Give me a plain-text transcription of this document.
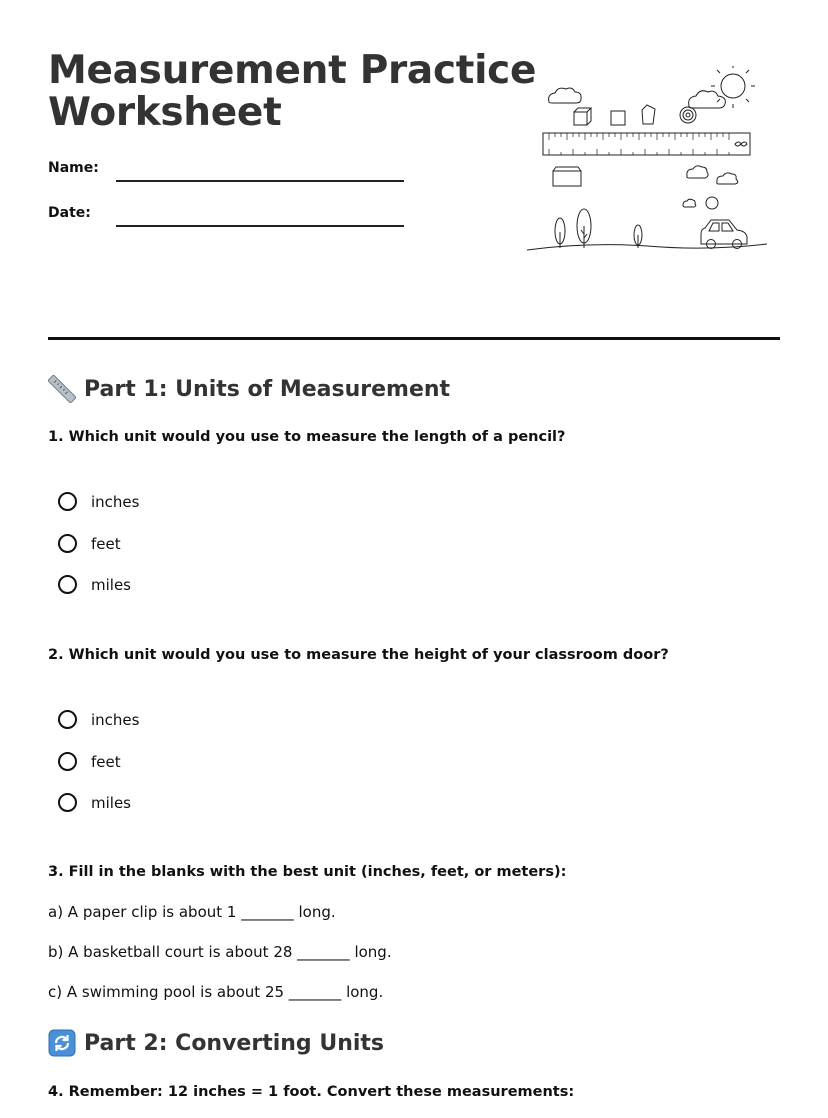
Measurement Practice
Worksheet
Name:
Date:
Part 1: Units of Measurement

1. Which unit would you use to measure the length of a pencil?

inches
feet
miles

2. Which unit would you use to measure the height of your classroom door?

inches
feet
miles

3. Fill in the blanks with the best unit (inches, feet, or meters):

a) A paper clip is about 1 _______ long.
b) A basketball court is about 28 _______ long.
c) A swimming pool is about 25 _______ long.
Part 2: Converting Units

4. Remember: 12 inches = 1 foot. Convert these measurements:
